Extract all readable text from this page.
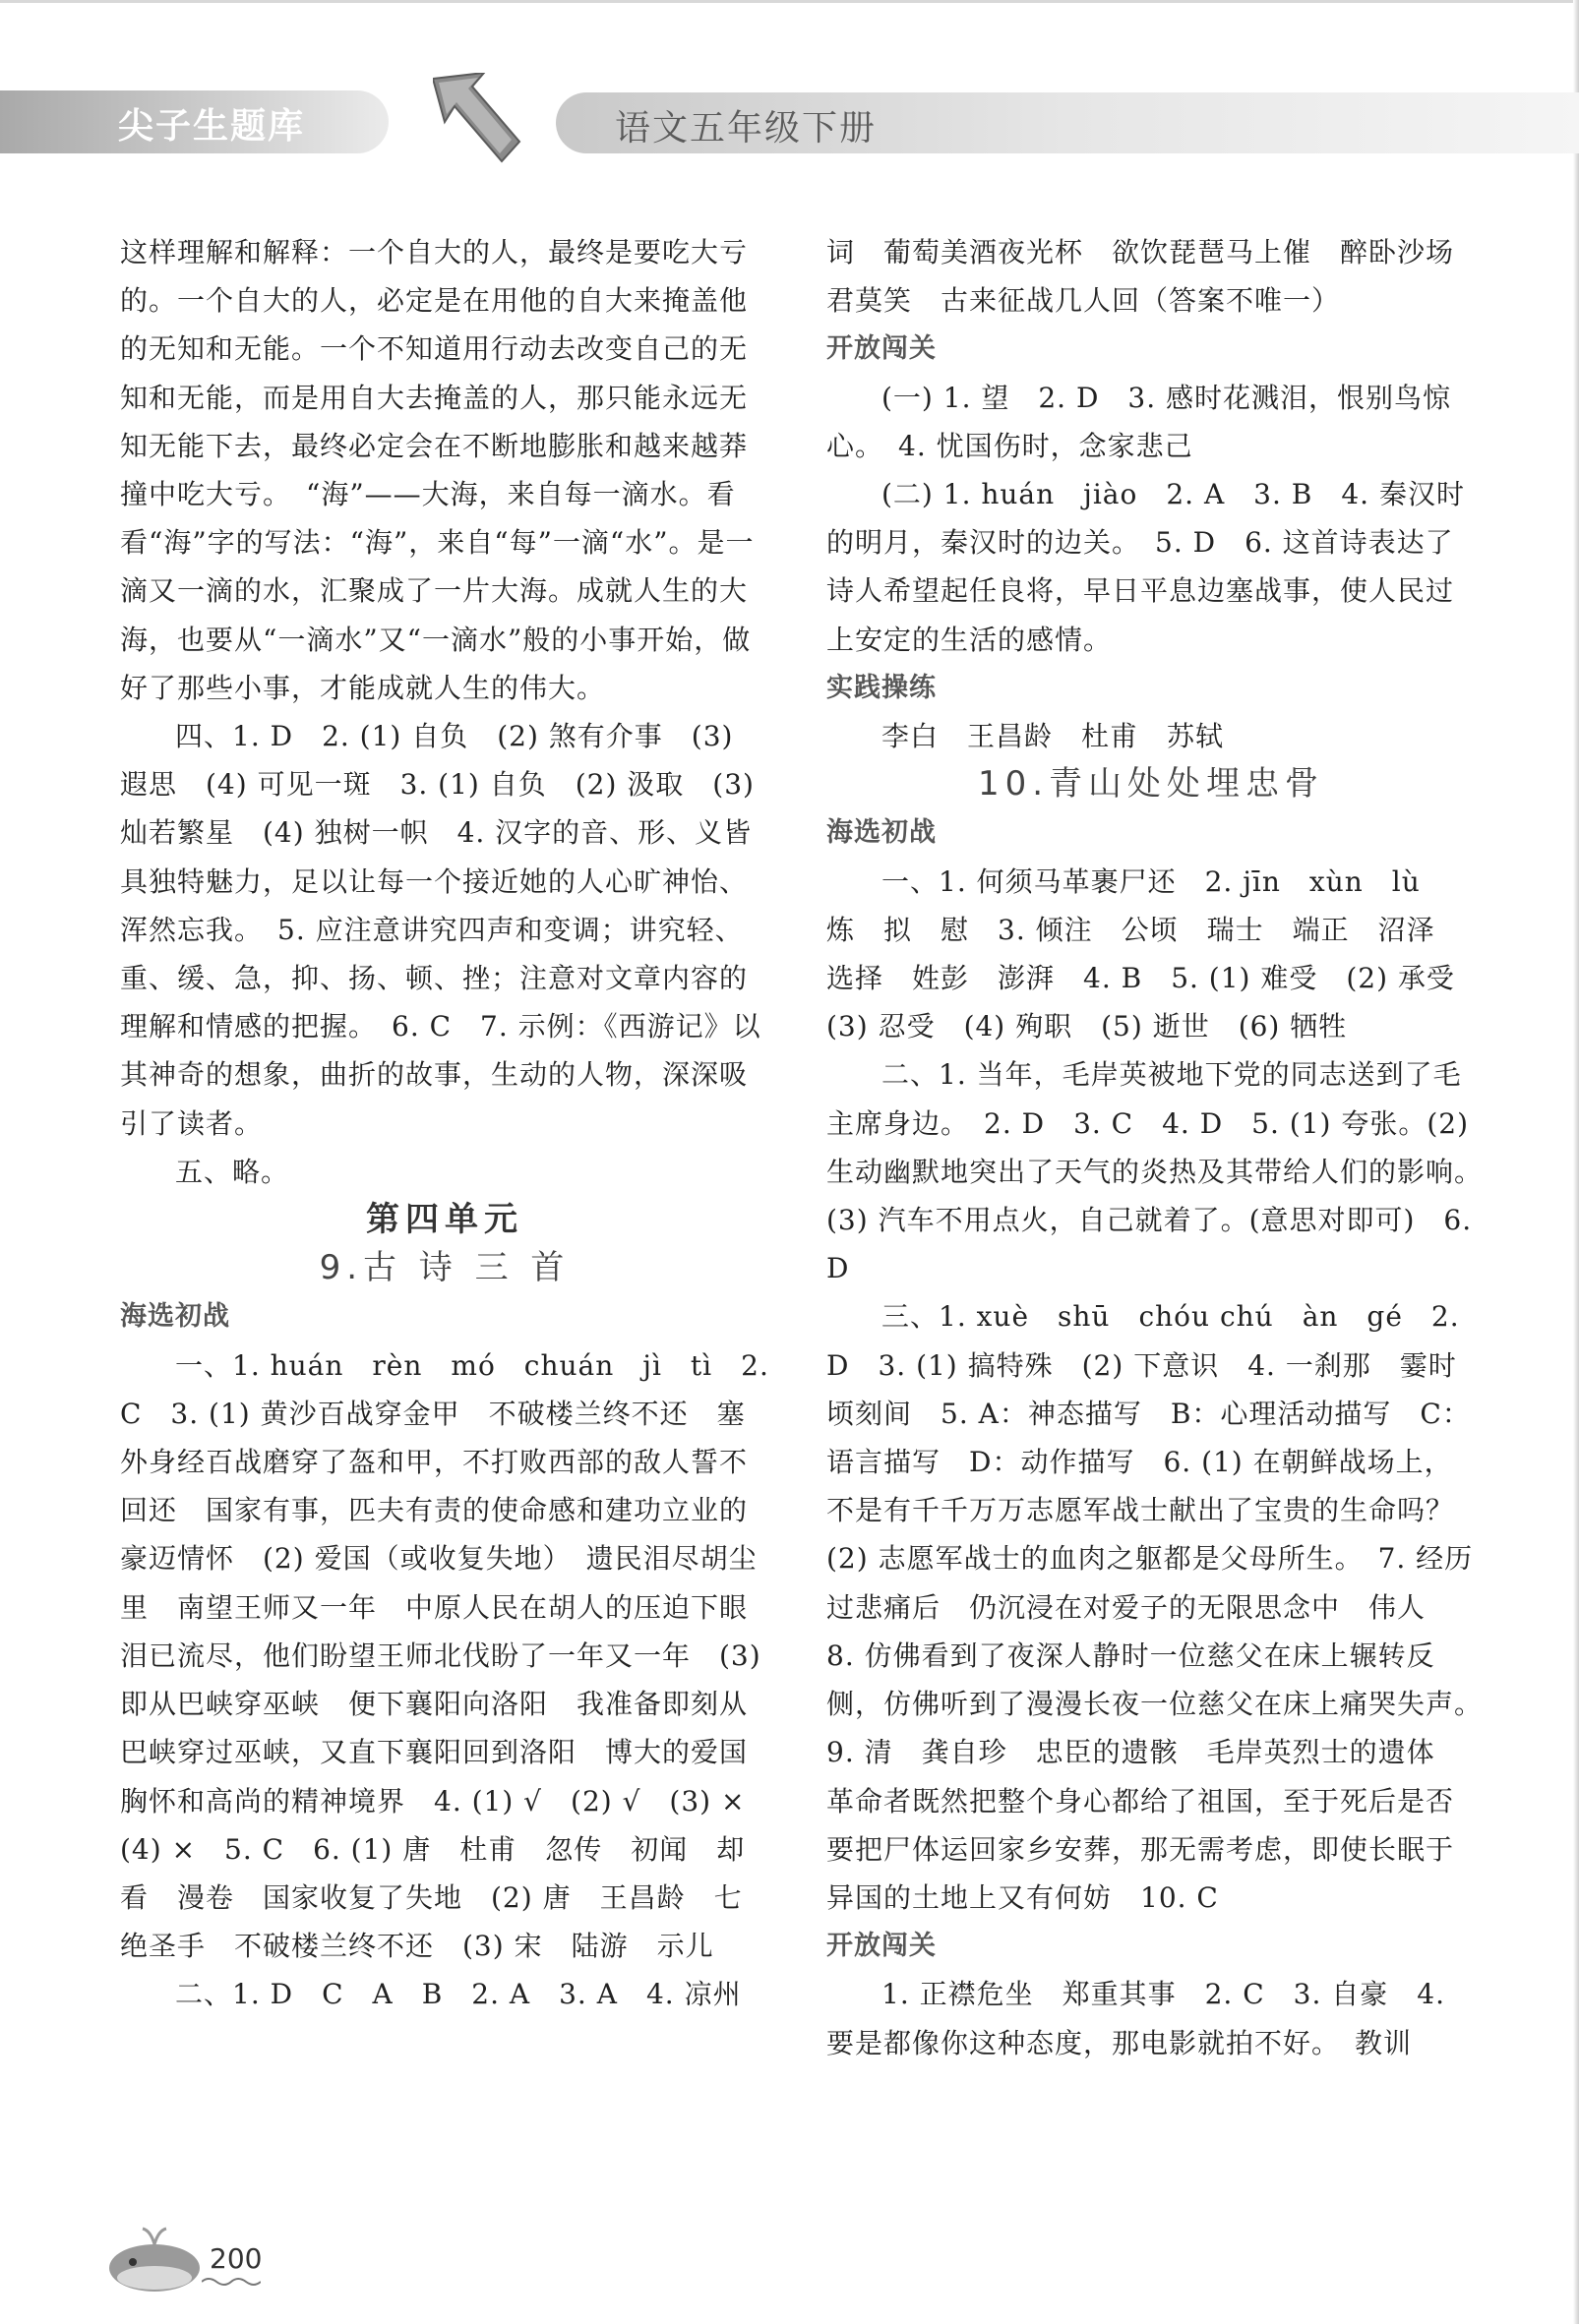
尖子生题库	语文五年级下册

这样理解和解释：一个自大的人，最终是要吃大亏的。一个自大的人，必定是在用他的自大来掩盖他的无知和无能。一个不知道用行动去改变自己的无知和无能，而是用自大去掩盖的人，那只能永远无知无能下去，最终必定会在不断地膨胀和越来越莽撞中吃大亏。　“海”——大海，来自每一滴水。看看“海”字的写法：“海”，来自“每”一滴“水”。是一滴又一滴的水，汇聚成了一片大海。成就人生的大海，也要从“一滴水”又“一滴水”般的小事开始，做好了那些小事，才能成就人生的伟大。

四、1. D　2. (1) 自负　(2) 煞有介事　(3) 遐思　(4) 可见一斑　3. (1) 自负　(2) 汲取　(3) 灿若繁星　(4) 独树一帜　4. 汉字的音、形、义皆具独特魅力，足以让每一个接近她的人心旷神怡、浑然忘我。　5. 应注意讲究四声和变调；讲究轻、重、缓、急，抑、扬、顿、挫；注意对文章内容的理解和情感的把握。　6. C　7. 示例：《西游记》以其神奇的想象，曲折的故事，生动的人物，深深吸引了读者。

五、略。

第四单元

9.古 诗 三 首

海选初战

一、1. huán　rèn　mó　chuán　jì　tì　2. C　3. (1) 黄沙百战穿金甲　不破楼兰终不还　塞外身经百战磨穿了盔和甲，不打败西部的敌人誓不回还　国家有事，匹夫有责的使命感和建功立业的豪迈情怀　(2) 爱国（或收复失地）　遗民泪尽胡尘里　南望王师又一年　中原人民在胡人的压迫下眼泪已流尽，他们盼望王师北伐盼了一年又一年　(3) 即从巴峡穿巫峡　便下襄阳向洛阳　我准备即刻从巴峡穿过巫峡，又直下襄阳回到洛阳　博大的爱国胸怀和高尚的精神境界　4. (1) √　(2) √　(3) ×　(4) ×　5. C　6. (1) 唐　杜甫　忽传　初闻　却看　漫卷　国家收复了失地　(2) 唐　王昌龄　七绝圣手　不破楼兰终不还　(3) 宋　陆游　示儿

二、1. D　C　A　B　2. A　3. A　4. 凉州

词　葡萄美酒夜光杯　欲饮琵琶马上催　醉卧沙场君莫笑　古来征战几人回（答案不唯一）

开放闯关

(一) 1. 望　2. D　3. 感时花溅泪，恨别鸟惊心。　4. 忧国伤时，念家悲己

(二) 1. huán　jiào　2. A　3. B　4. 秦汉时的明月，秦汉时的边关。　5. D　6. 这首诗表达了诗人希望起任良将，早日平息边塞战事，使人民过上安定的生活的感情。

实践操练

李白　王昌龄　杜甫　苏轼

10.青山处处埋忠骨

海选初战

一、1. 何须马革裹尸还　2. jīn　xùn　lù　炼　拟　慰　3. 倾注　公顷　瑞士　端正　沼泽　选择　姓彭　澎湃　4. B　5. (1) 难受　(2) 承受　(3) 忍受　(4) 殉职　(5) 逝世　(6) 牺牲

二、1. 当年，毛岸英被地下党的同志送到了毛主席身边。　2. D　3. C　4. D　5. (1) 夸张。(2) 生动幽默地突出了天气的炎热及其带给人们的影响。　(3) 汽车不用点火，自己就着了。(意思对即可)　6. D

三、1. xuè　shū　chóu chú　àn　gé　2. D　3. (1) 搞特殊　(2) 下意识　4. 一刹那　霎时　顷刻间　5. A：神态描写　B：心理活动描写　C：语言描写　D：动作描写　6. (1) 在朝鲜战场上，不是有千千万万志愿军战士献出了宝贵的生命吗？　(2) 志愿军战士的血肉之躯都是父母所生。　7. 经历过悲痛后　仍沉浸在对爱子的无限思念中　伟人　8. 仿佛看到了夜深人静时一位慈父在床上辗转反侧，仿佛听到了漫漫长夜一位慈父在床上痛哭失声。　9. 清　龚自珍　忠臣的遗骸　毛岸英烈士的遗体　革命者既然把整个身心都给了祖国，至于死后是否要把尸体运回家乡安葬，那无需考虑，即使长眠于异国的土地上又有何妨　10. C

开放闯关

1. 正襟危坐　郑重其事　2. C　3. 自豪　4. 要是都像你这种态度，那电影就拍不好。　教训

200
